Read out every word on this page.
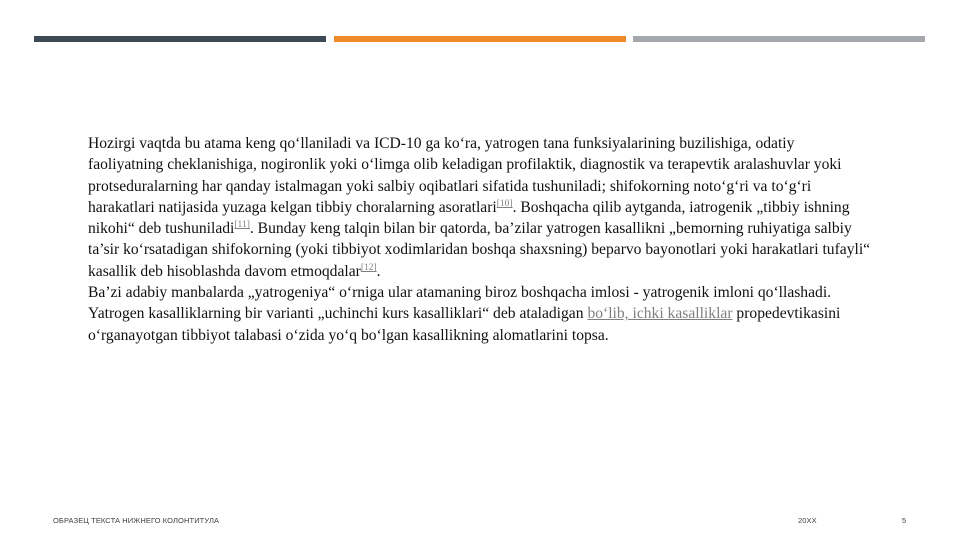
Hozirgi vaqtda bu atama keng qo‘llaniladi va ICD-10 ga ko‘ra, yatrogen tana funksiyalarining buzilishiga, odatiy faoliyatning cheklanishiga, nogironlik yoki o‘limga olib keladigan profilaktik, diagnostik va terapevtik aralashuvlar yoki protseduralarning har qanday istalmagan yoki salbiy oqibatlari sifatida tushuniladi; shifokorning noto‘g‘ri va to‘g‘ri harakatlari natijasida yuzaga kelgan tibbiy choralarning asoratlari[10]. Boshqacha qilib aytganda, iatrogenik „tibbiy ishning nikohi“ deb tushuniladi[11]. Bunday keng talqin bilan bir qatorda, ba’zilar yatrogen kasallikni „bemorning ruhiyatiga salbiy ta’sir ko‘rsatadigan shifokorning (yoki tibbiyot xodimlaridan boshqa shaxsning) beparvo bayonotlari yoki harakatlari tufayli“ kasallik deb hisoblashda davom etmoqdalar[12].

Ba’zi adabiy manbalarda „yatrogeniya“ o‘rniga ular atamaning biroz boshqacha imlosi - yatrogenik imloni qo‘llashadi. Yatrogen kasalliklarning bir varianti „uchinchi kurs kasalliklari“ deb ataladigan bo‘lib, ichki kasalliklar propedevtikasini o‘rganayotgan tibbiyot talabasi o‘zida yo‘q bo‘lgan kasallikning alomatlarini topsa.

ОБРАЗЕЦ ТЕКСТА НИЖНЕГО КОЛОНТИТУЛА	20XX	5
